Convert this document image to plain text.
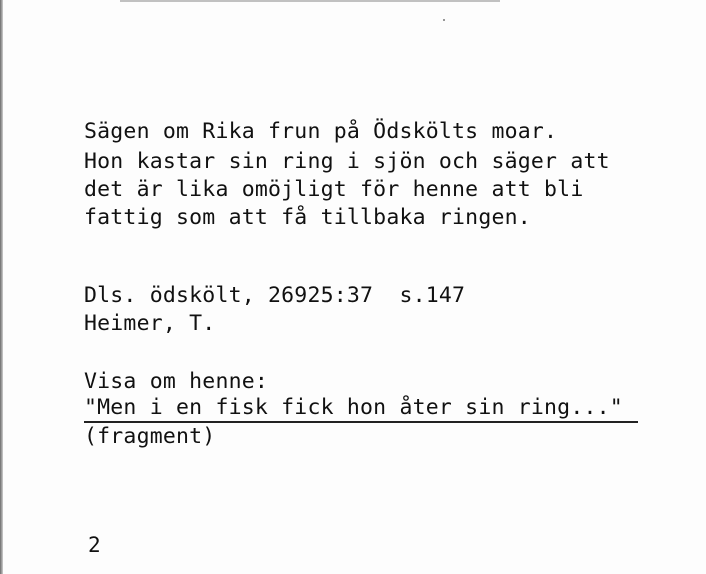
Sägen om Rika frun på Ödskölts moar.
Hon kastar sin ring i sjön och säger att
det är lika omöjligt för henne att bli
fattig som att få tillbaka ringen.
Dls. ödskölt, 26925:37  s.147
Heimer, T.
Visa om henne:
"Men i en fisk fick hon åter sin ring..."
(fragment)
2
